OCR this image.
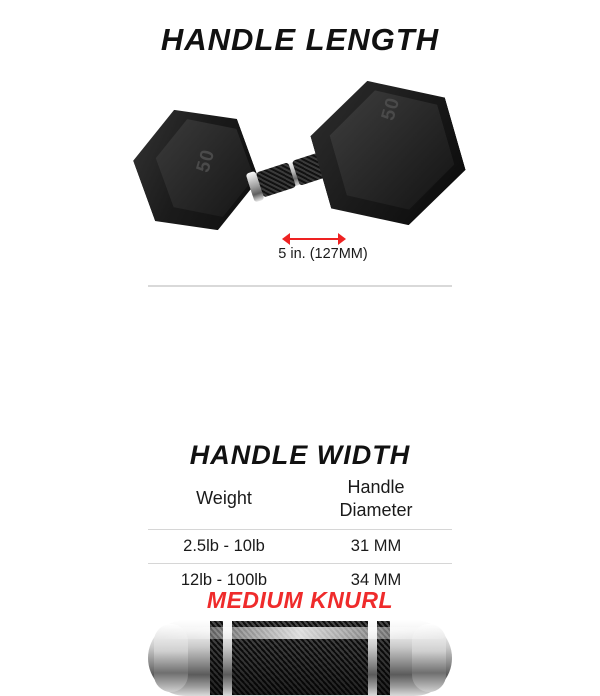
HANDLE LENGTH
50
50
5 in. (127MM)
MEDIUM KNURL
HANDLE WIDTH
Weight
Handle
Diameter
2.5lb - 10lb	31 MM
12lb - 100lb	34 MM
